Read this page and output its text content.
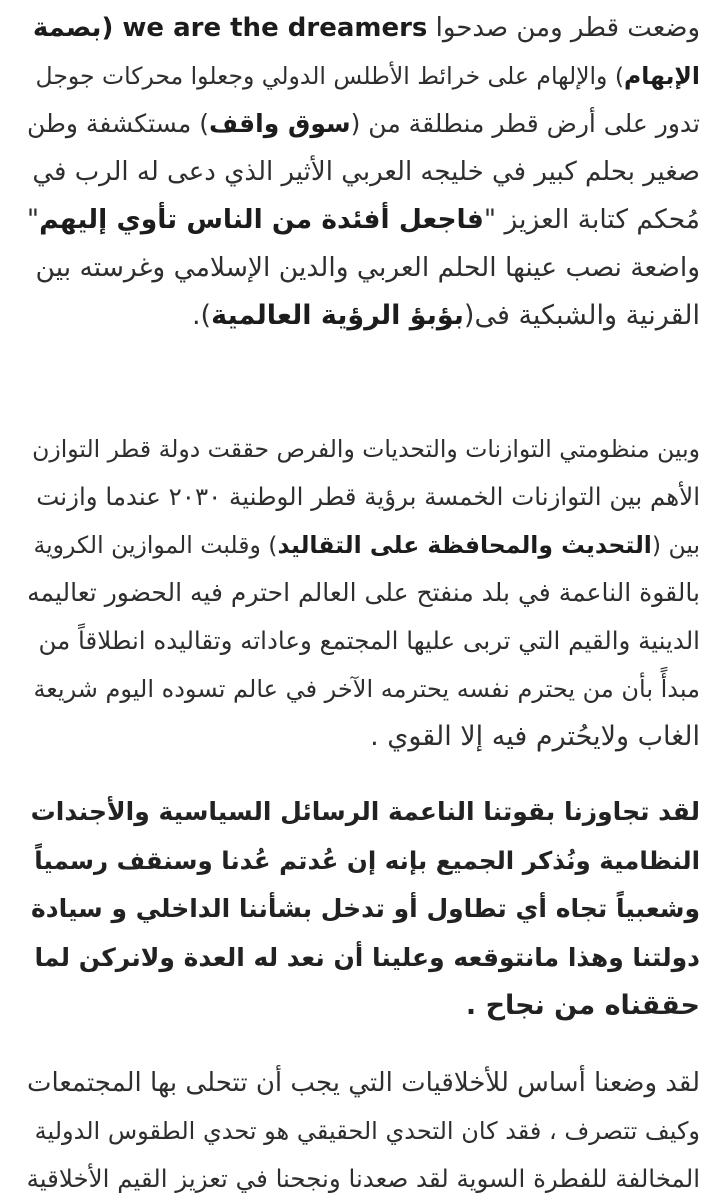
وضعت قطر ومن صدحوا we are the dreamers (بصمة
الإبهام) والإلهام على خرائط الأطلس الدولي وجعلوا محركات جوجل
تدور على أرض قطر منطلقة من (سوق واقف) مستكشفة وطن
صغير بحلم كبير في خليجه العربي الأثير الذي دعى له الرب في
مُحكم كتابة العزيز "فاجعل أفئدة من الناس تأوي إليهم"
واضعة نصب عينها الحلم العربي والدين الإسلامي وغرسته بين
القرنية والشبكية فى(بؤبؤ الرؤية العالمية).
وبين منظومتي التوازنات والتحديات والفرص حققت دولة قطر التوازن
الأهم بين التوازنات الخمسة برؤية قطر الوطنية ٢٠٣٠ عندما وازنت
بين (التحديث والمحافظة على التقاليد) وقلبت الموازين الكروية
بالقوة الناعمة في بلد منفتح على العالم احترم فيه الحضور تعاليمه
الدينية والقيم التي تربى عليها المجتمع وعاداته وتقاليده انطلاقاً من
مبدأً بأن من يحترم نفسه يحترمه الآخر في عالم تسوده اليوم شريعة
الغاب ولايحُترم فيه إلا القوي .
لقد تجاوزنا بقوتنا الناعمة الرسائل السياسية والأجندات
النظامية ونُذكر الجميع بإنه إن عُدتم عُدنا وسنقف رسمياً
وشعبياً تجاه أي تطاول أو تدخل بشأننا الداخلي و سيادة
دولتنا وهذا مانتوقعه وعلينا أن نعد له العدة ولانركن لما
حققناه من نجاح .
لقد وضعنا أساس للأخلاقيات التي يجب أن تتحلى بها المجتمعات
وكيف تتصرف ، فقد كان التحدي الحقيقي هو تحدي الطقوس الدولية
المخالفة للفطرة السوية لقد صعدنا ونجحنا في تعزيز القيم الأخلاقية
